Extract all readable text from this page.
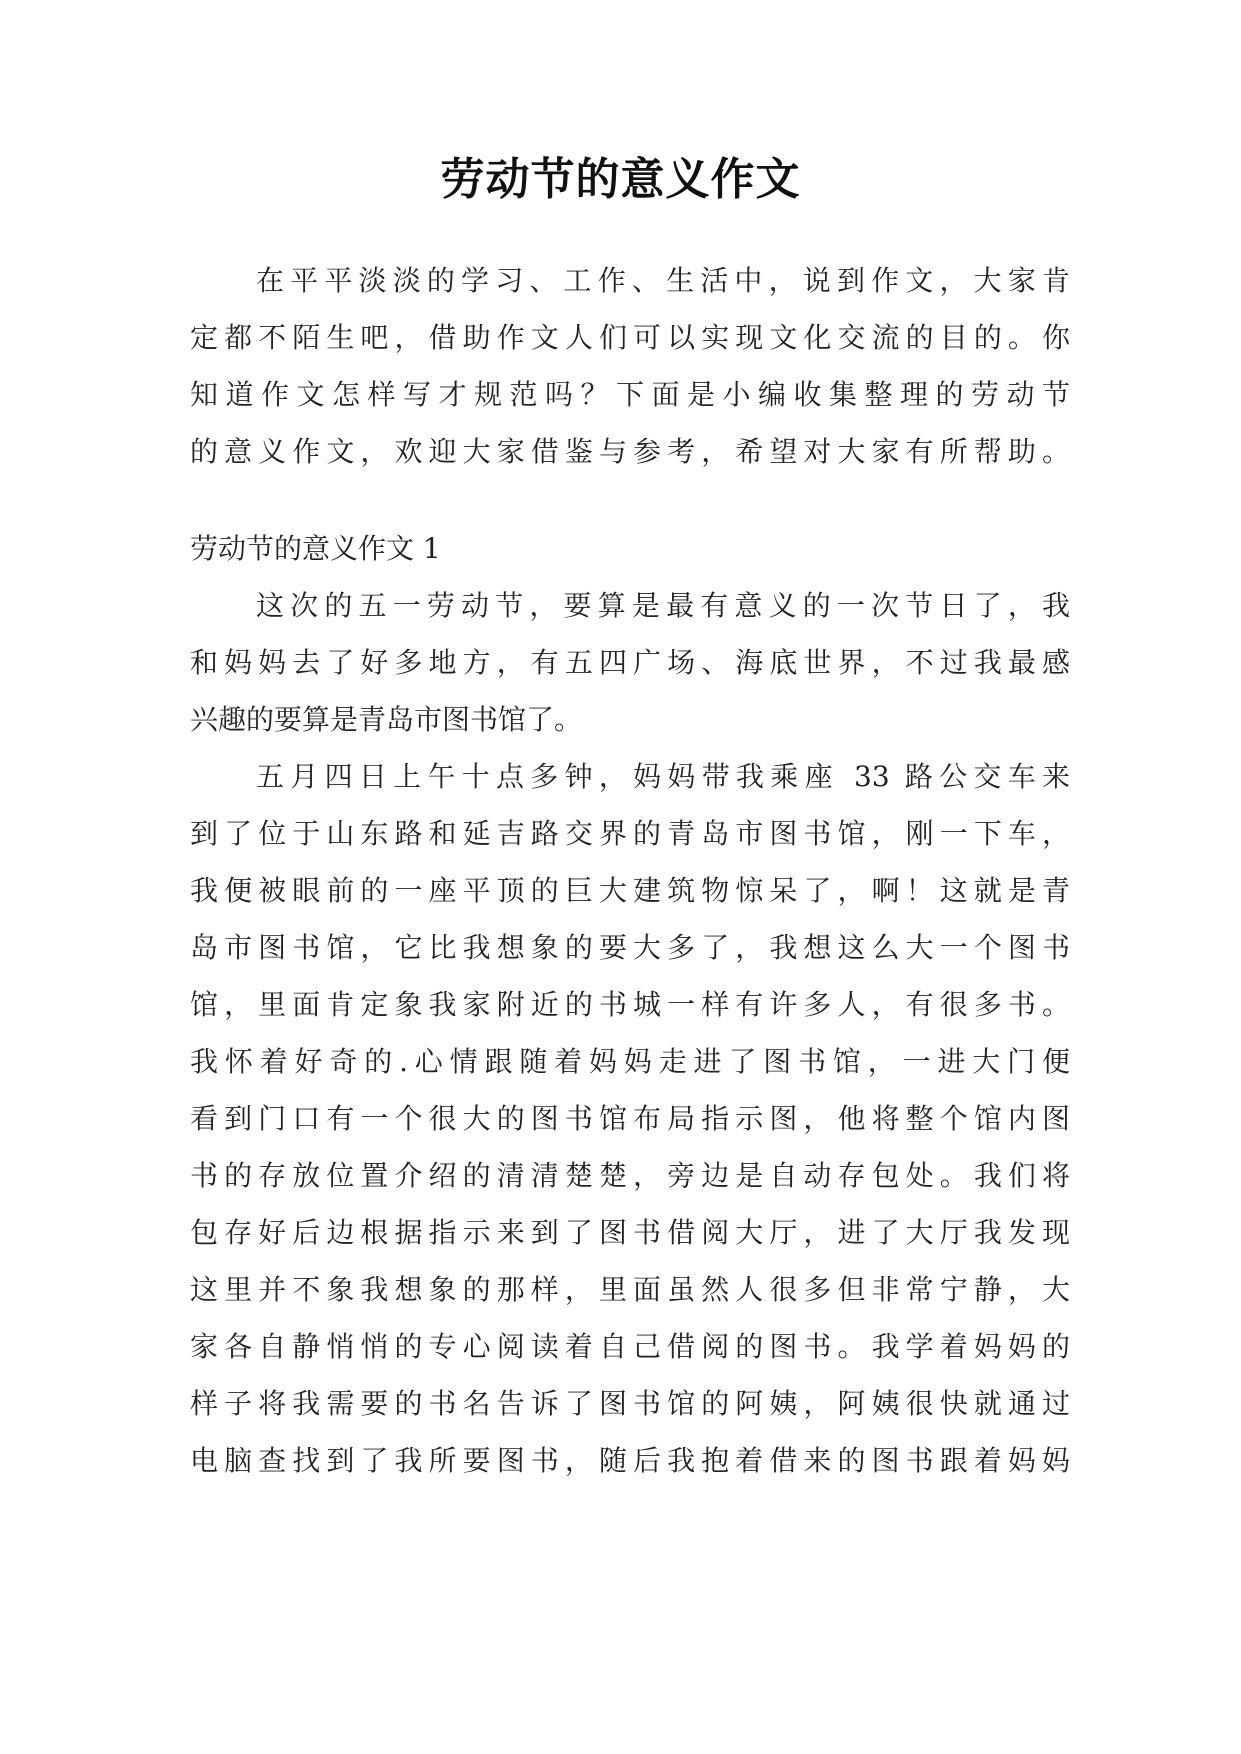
劳动节的意义作文
在平平淡淡的学习、工作、生活中，说到作文，大家肯
定都不陌生吧，借助作文人们可以实现文化交流的目的。你
知道作文怎样写才规范吗？下面是小编收集整理的劳动节
的意义作文，欢迎大家借鉴与参考，希望对大家有所帮助。
劳动节的意义作文 1
这次的五一劳动节，要算是最有意义的一次节日了，我
和妈妈去了好多地方，有五四广场、海底世界，不过我最感
兴趣的要算是青岛市图书馆了。
五月四日上午十点多钟，妈妈带我乘座 33 路公交车来
到了位于山东路和延吉路交界的青岛市图书馆，刚一下车，
我便被眼前的一座平顶的巨大建筑物惊呆了，啊！这就是青
岛市图书馆，它比我想象的要大多了，我想这么大一个图书
馆，里面肯定象我家附近的书城一样有许多人，有很多书。
我怀着好奇的.心情跟随着妈妈走进了图书馆，一进大门便
看到门口有一个很大的图书馆布局指示图，他将整个馆内图
书的存放位置介绍的清清楚楚，旁边是自动存包处。我们将
包存好后边根据指示来到了图书借阅大厅，进了大厅我发现
这里并不象我想象的那样，里面虽然人很多但非常宁静，大
家各自静悄悄的专心阅读着自己借阅的图书。我学着妈妈的
样子将我需要的书名告诉了图书馆的阿姨，阿姨很快就通过
电脑查找到了我所要图书，随后我抱着借来的图书跟着妈妈
